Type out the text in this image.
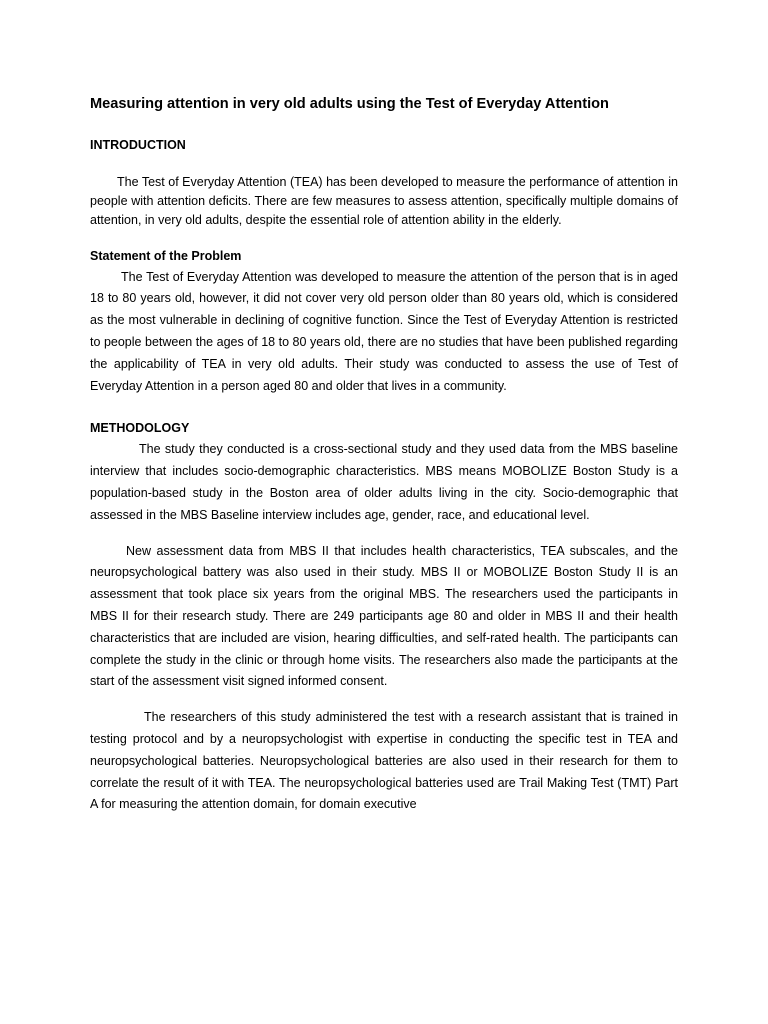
Measuring attention in very old adults using the Test of Everyday Attention
INTRODUCTION

The Test of Everyday Attention (TEA) has been developed to measure the performance of attention in people with attention deficits. There are few measures to assess attention, specifically multiple domains of attention, in very old adults, despite the essential role of attention ability in the elderly.

Statement of the Problem

The Test of Everyday Attention was developed to measure the attention of the person that is in aged 18 to 80 years old, however, it did not cover very old person older than 80 years old, which is considered as the most vulnerable in declining of cognitive function. Since the Test of Everyday Attention is restricted to people between the ages of 18 to 80 years old, there are no studies that have been published regarding the applicability of TEA in very old adults. Their study was conducted to assess the use of Test of Everyday Attention in a person aged 80 and older that lives in a community.

METHODOLOGY

The study they conducted is a cross-sectional study and they used data from the MBS baseline interview that includes socio-demographic characteristics. MBS means MOBOLIZE Boston Study is a population-based study in the Boston area of older adults living in the city. Socio-demographic that assessed in the MBS Baseline interview includes age, gender, race, and educational level.

New assessment data from MBS II that includes health characteristics, TEA subscales, and the neuropsychological battery was also used in their study. MBS II or MOBOLIZE Boston Study II is an assessment that took place six years from the original MBS. The researchers used the participants in MBS II for their research study. There are 249 participants age 80 and older in MBS II and their health characteristics that are included are vision, hearing difficulties, and self-rated health. The participants can complete the study in the clinic or through home visits. The researchers also made the participants at the start of the assessment visit signed informed consent.

The researchers of this study administered the test with a research assistant that is trained in testing protocol and by a neuropsychologist with expertise in conducting the specific test in TEA and neuropsychological batteries. Neuropsychological batteries are also used in their research for them to correlate the result of it with TEA. The neuropsychological batteries used are Trail Making Test (TMT) Part A for measuring the attention domain, for domain executive
